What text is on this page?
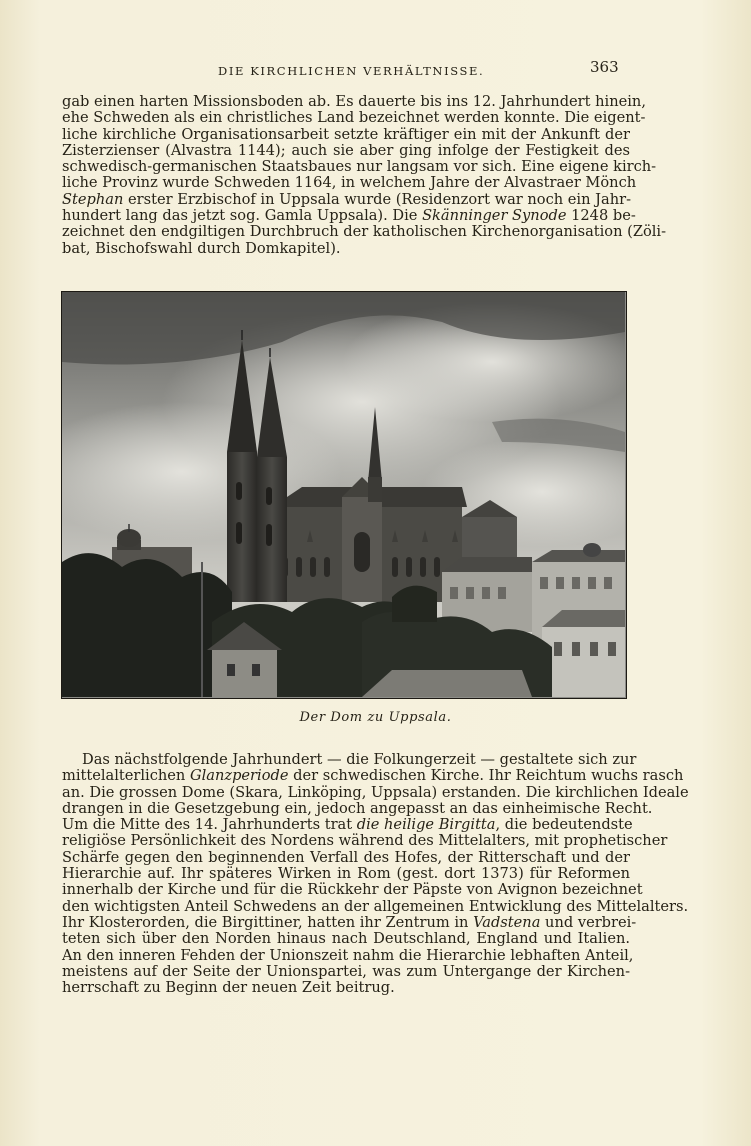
DIE KIRCHLICHEN VERHÄLTNISSE.	363

gab einen harten Missionsboden ab. Es dauerte bis ins 12. Jahrhundert hinein,
ehe Schweden als ein christliches Land bezeichnet werden konnte. Die eigent-
liche kirchliche Organisationsarbeit setzte kräftiger ein mit der Ankunft der
Zisterzienser (Alvastra 1144); auch sie aber ging infolge der Festigkeit des
schwedisch-germanischen Staatsbaues nur langsam vor sich. Eine eigene kirch-
liche Provinz wurde Schweden 1164, in welchem Jahre der Alvastraer Mönch
Stephan erster Erzbischof in Uppsala wurde (Residenzort war noch ein Jahr-
hundert lang das jetzt sog. Gamla Uppsala). Die Skänninger Synode 1248 be-
zeichnet den endgiltigen Durchbruch der katholischen Kirchenorganisation (Zöli-
bat, Bischofswahl durch Domkapitel).

Der Dom zu Uppsala.

Das nächstfolgende Jahrhundert — die Folkungerzeit — gestaltete sich zur
mittelalterlichen Glanzperiode der schwedischen Kirche. Ihr Reichtum wuchs rasch
an. Die grossen Dome (Skara, Linköping, Uppsala) erstanden. Die kirchlichen Ideale
drangen in die Gesetzgebung ein, jedoch angepasst an das einheimische Recht.
Um die Mitte des 14. Jahrhunderts trat die heilige Birgitta, die bedeutendste
religiöse Persönlichkeit des Nordens während des Mittelalters, mit prophetischer
Schärfe gegen den beginnenden Verfall des Hofes, der Ritterschaft und der
Hierarchie auf. Ihr späteres Wirken in Rom (gest. dort 1373) für Reformen
innerhalb der Kirche und für die Rückkehr der Päpste von Avignon bezeichnet
den wichtigsten Anteil Schwedens an der allgemeinen Entwicklung des Mittelalters.
Ihr Klosterorden, die Birgittiner, hatten ihr Zentrum in Vadstena und verbrei-
teten sich über den Norden hinaus nach Deutschland, England und Italien.
An den inneren Fehden der Unionszeit nahm die Hierarchie lebhaften Anteil,
meistens auf der Seite der Unionspartei, was zum Untergange der Kirchen-
herrschaft zu Beginn der neuen Zeit beitrug.
